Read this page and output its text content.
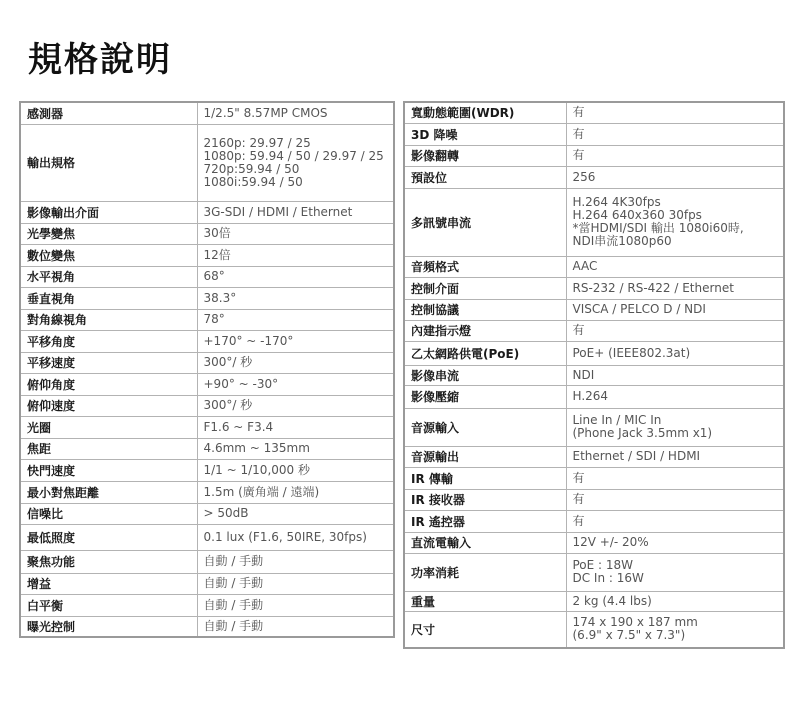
規格說明
感測器	1/2.5" 8.57MP CMOS
輸出規格	2160p: 29.97 / 25
1080p: 59.94 / 50 / 29.97 / 25
720p:59.94 / 50
1080i:59.94 / 50
影像輸出介面	3G-SDI / HDMI / Ethernet
光學變焦	30倍
數位變焦	12倍
水平視角	68°
垂直視角	38.3°
對角線視角	78°
平移角度	+170° ~ -170°
平移速度	300°/ 秒
俯仰角度	+90° ~ -30°
俯仰速度	300°/ 秒
光圈	F1.6 ~ F3.4
焦距	4.6mm ~ 135mm
快門速度	1/1 ~ 1/10,000 秒
最小對焦距離	1.5m (廣角端 / 遠端)
信噪比	> 50dB
最低照度	0.1 lux (F1.6, 50IRE, 30fps)
聚焦功能	自動 / 手動
增益	自動 / 手動
白平衡	自動 / 手動
曝光控制	自動 / 手動
寬動態範圍(WDR)	有
3D 降噪	有
影像翻轉	有
預設位	256
多訊號串流	H.264 4K30fps
H.264 640x360 30fps
*當HDMI/SDI 輸出 1080i60時,
NDI串流1080p60
音頻格式	AAC
控制介面	RS-232 / RS-422 / Ethernet
控制協議	VISCA / PELCO D / NDI
內建指示燈	有
乙太網路供電(PoE)	PoE+ (IEEE802.3at)
影像串流	NDI
影像壓縮	H.264
音源輸入	Line In / MIC In
(Phone Jack 3.5mm x1)
音源輸出	Ethernet / SDI / HDMI
IR 傳輸	有
IR 接收器	有
IR 遙控器	有
直流電輸入	12V +/- 20%
功率消耗	PoE : 18W
DC In : 16W
重量	2 kg (4.4 lbs)
尺寸	174 x 190 x 187 mm
(6.9" x 7.5" x 7.3")
